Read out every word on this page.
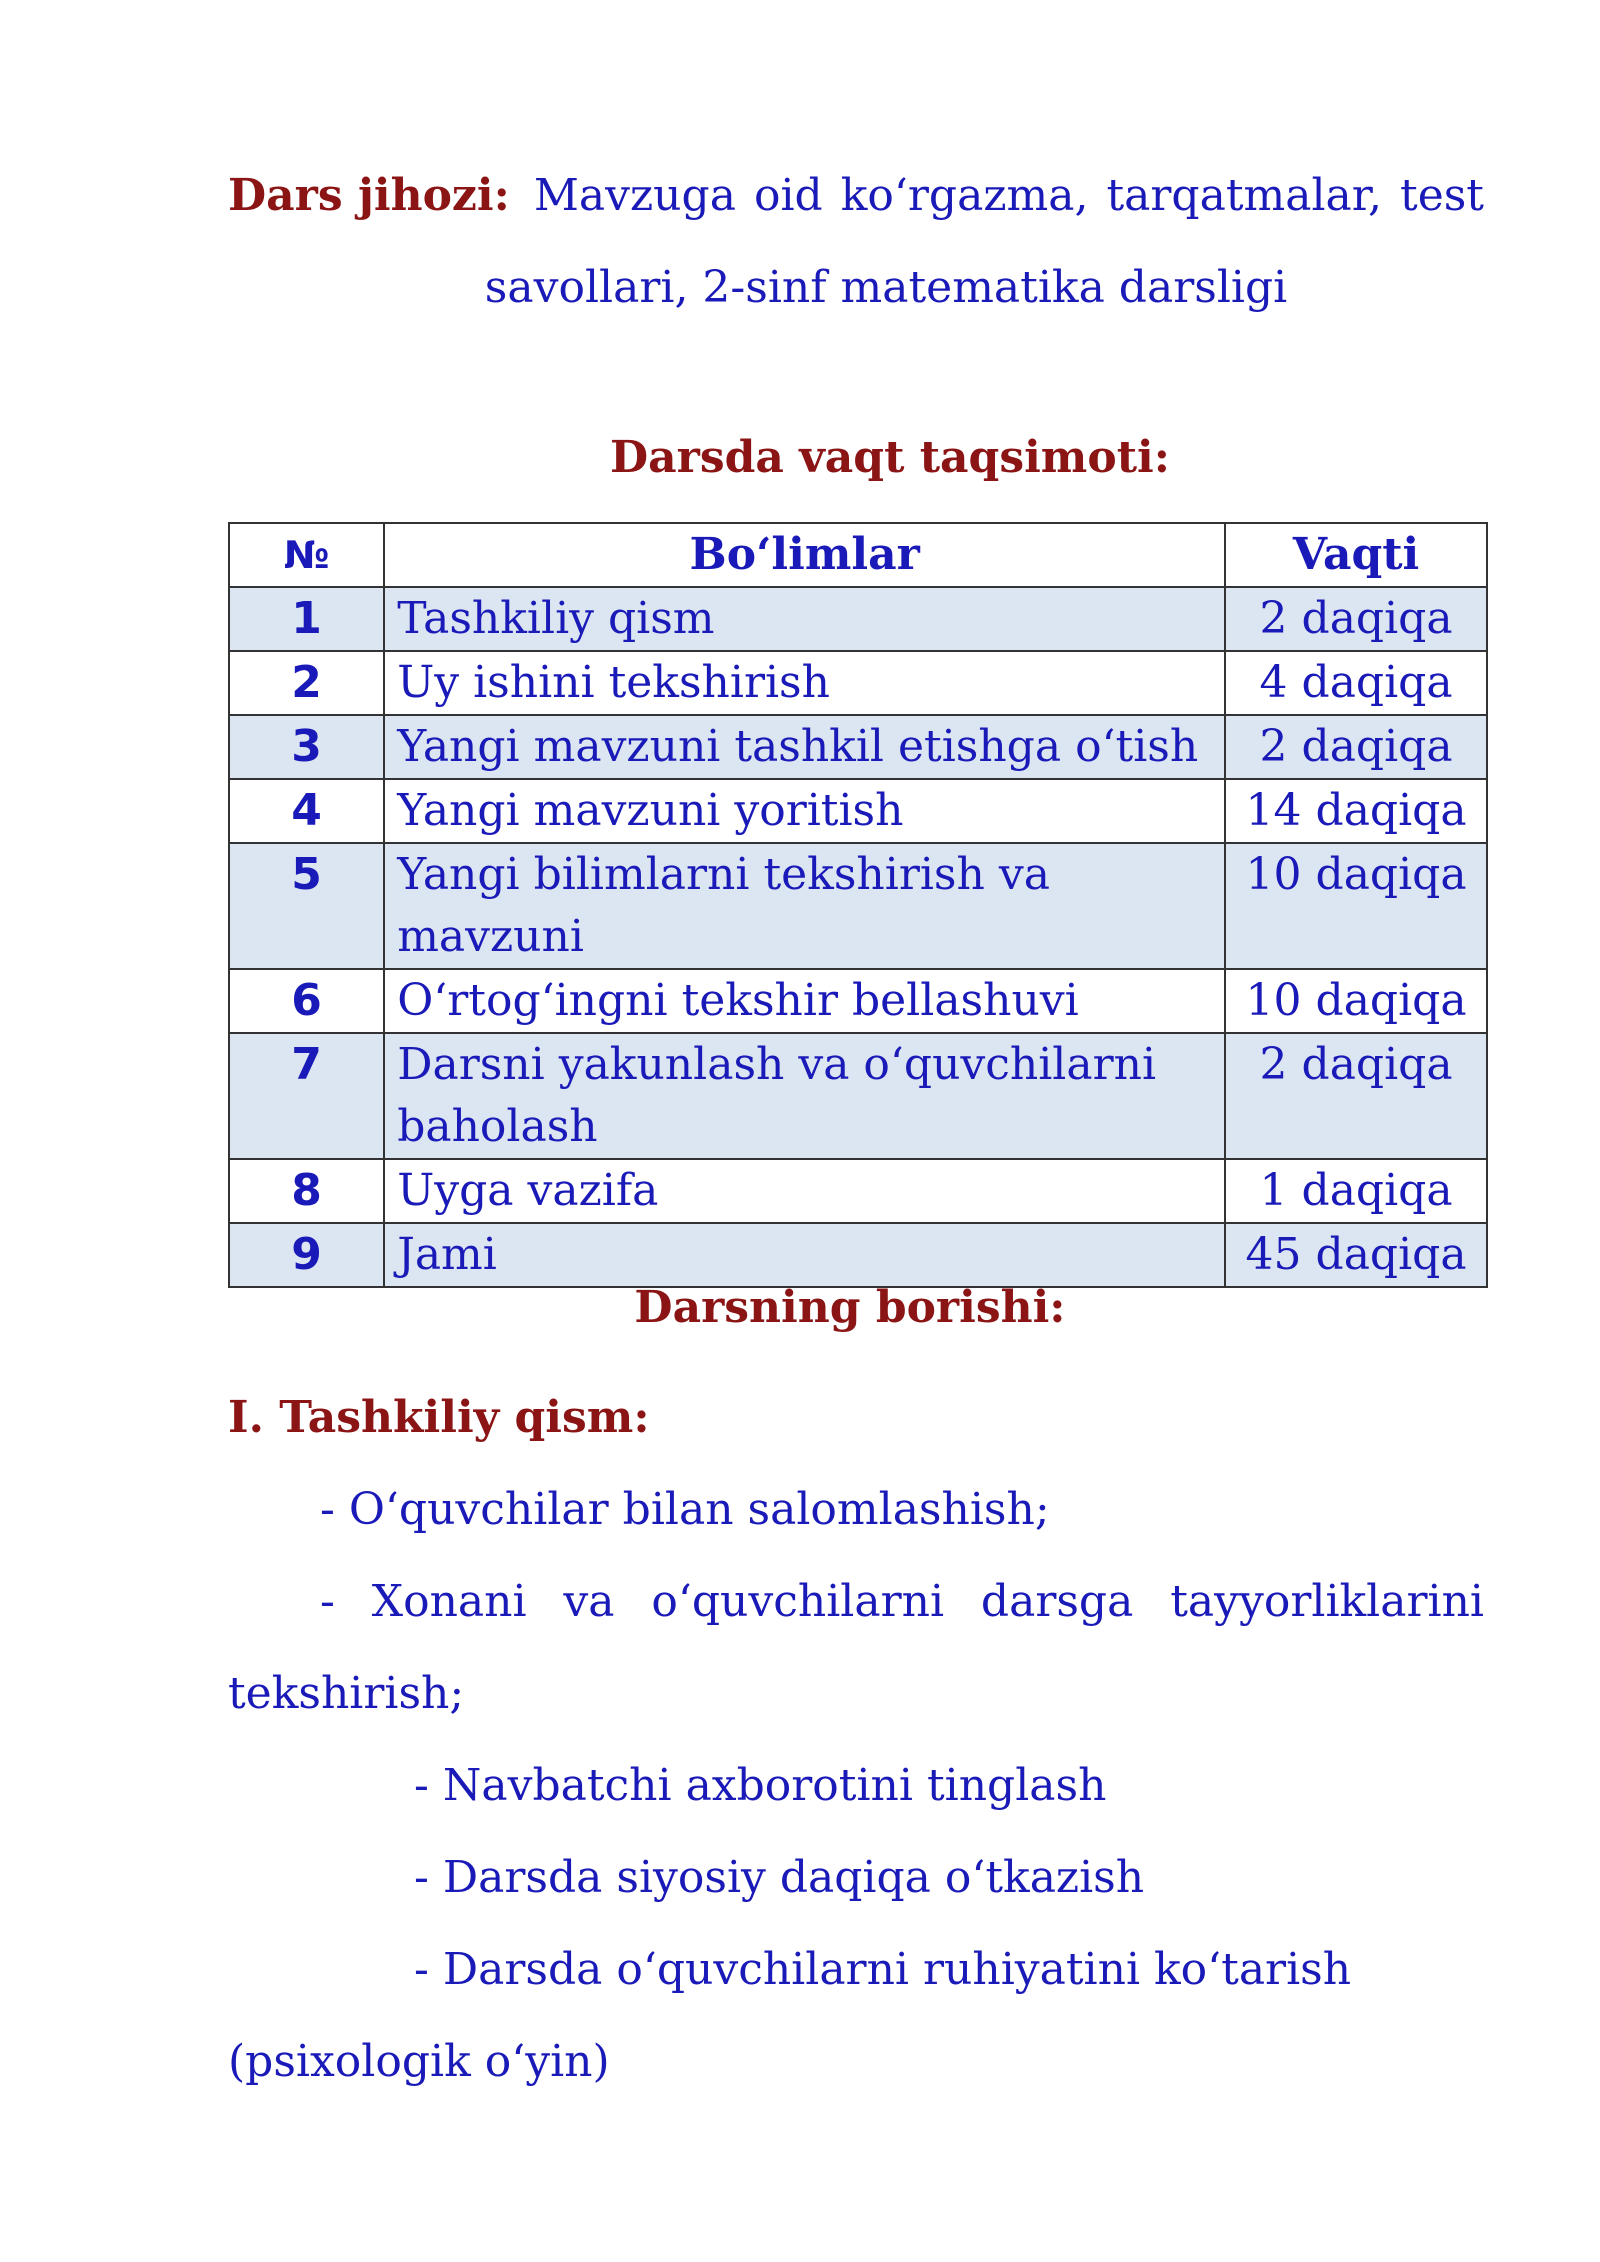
Dars jihozi: Mavzuga oid ko‘rgazma, tarqatmalar, test
savollari, 2-sinf matematika darsligi
Darsda vaqt taqsimoti:
№	Bo‘limlar	Vaqti
1	Tashkiliy qism	2 daqiqa
2	Uy ishini tekshirish	4 daqiqa
3	Yangi mavzuni tashkil etishga o‘tish	2 daqiqa
4	Yangi mavzuni yoritish	14 daqiqa
5	Yangi bilimlarni tekshirish va mavzuni	10 daqiqa
6	O‘rtog‘ingni tekshir bellashuvi	10 daqiqa
7	Darsni yakunlash va o‘quvchilarni baholash	2 daqiqa
8	Uyga vazifa	1 daqiqa
9	Jami	45 daqiqa
Darsning borishi:
I. Tashkiliy qism:
- O‘quvchilar bilan salomlashish;
- Xonani va o‘quvchilarni darsga tayyorliklarini
tekshirish;
- Navbatchi axborotini tinglash
- Darsda siyosiy daqiqa o‘tkazish
- Darsda o‘quvchilarni ruhiyatini ko‘tarish
(psixologik o‘yin)
